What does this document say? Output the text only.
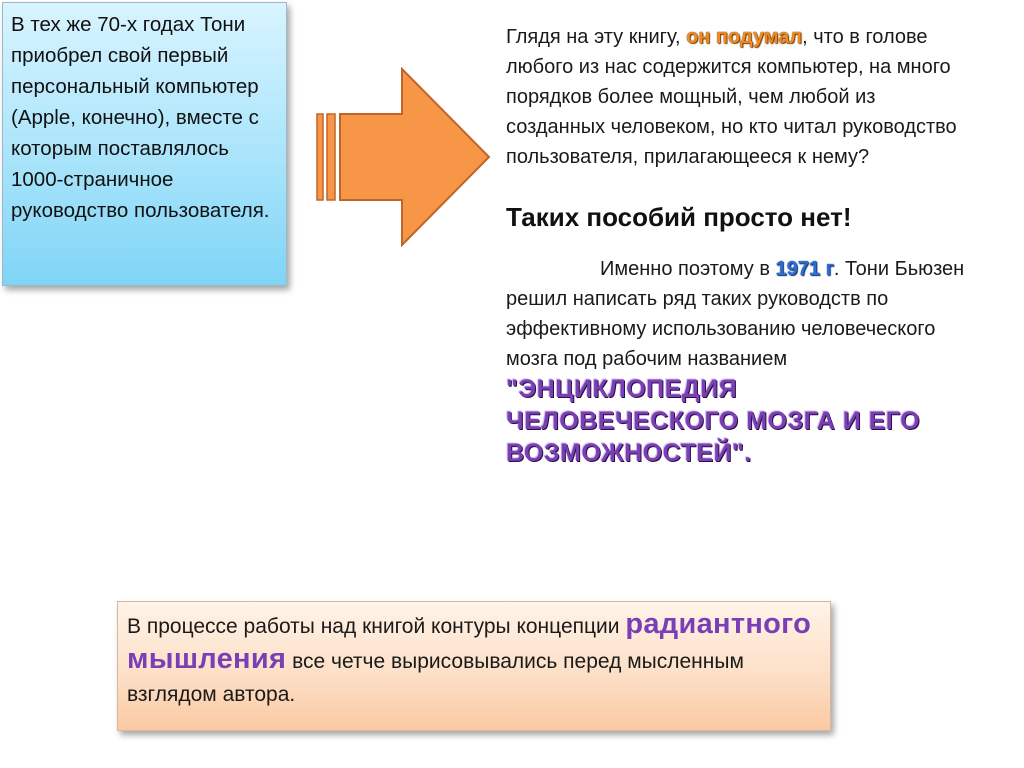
В тех же 70-х годах Тони приобрел свой первый персональный компьютер (Apple, конечно), вместе с которым поставлялось 1000-страничное руководство пользователя.

Глядя на эту книгу, он подумал, что в голове любого из нас содержится компьютер, на много порядков более мощный, чем любой из созданных человеком, но кто читал руководство пользователя, прилагающееся к нему?

Таких пособий просто нет!

Именно поэтому в 1971 г. Тони Бьюзен решил написать ряд таких руководств по эффективному использованию человеческого мозга под рабочим названием "ЭНЦИКЛОПЕДИЯ ЧЕЛОВЕЧЕСКОГО МОЗГА И ЕГО ВОЗМОЖНОСТЕЙ".

В процессе работы над книгой контуры концепции радиантного мышления все четче вырисовывались перед мысленным взглядом автора.
